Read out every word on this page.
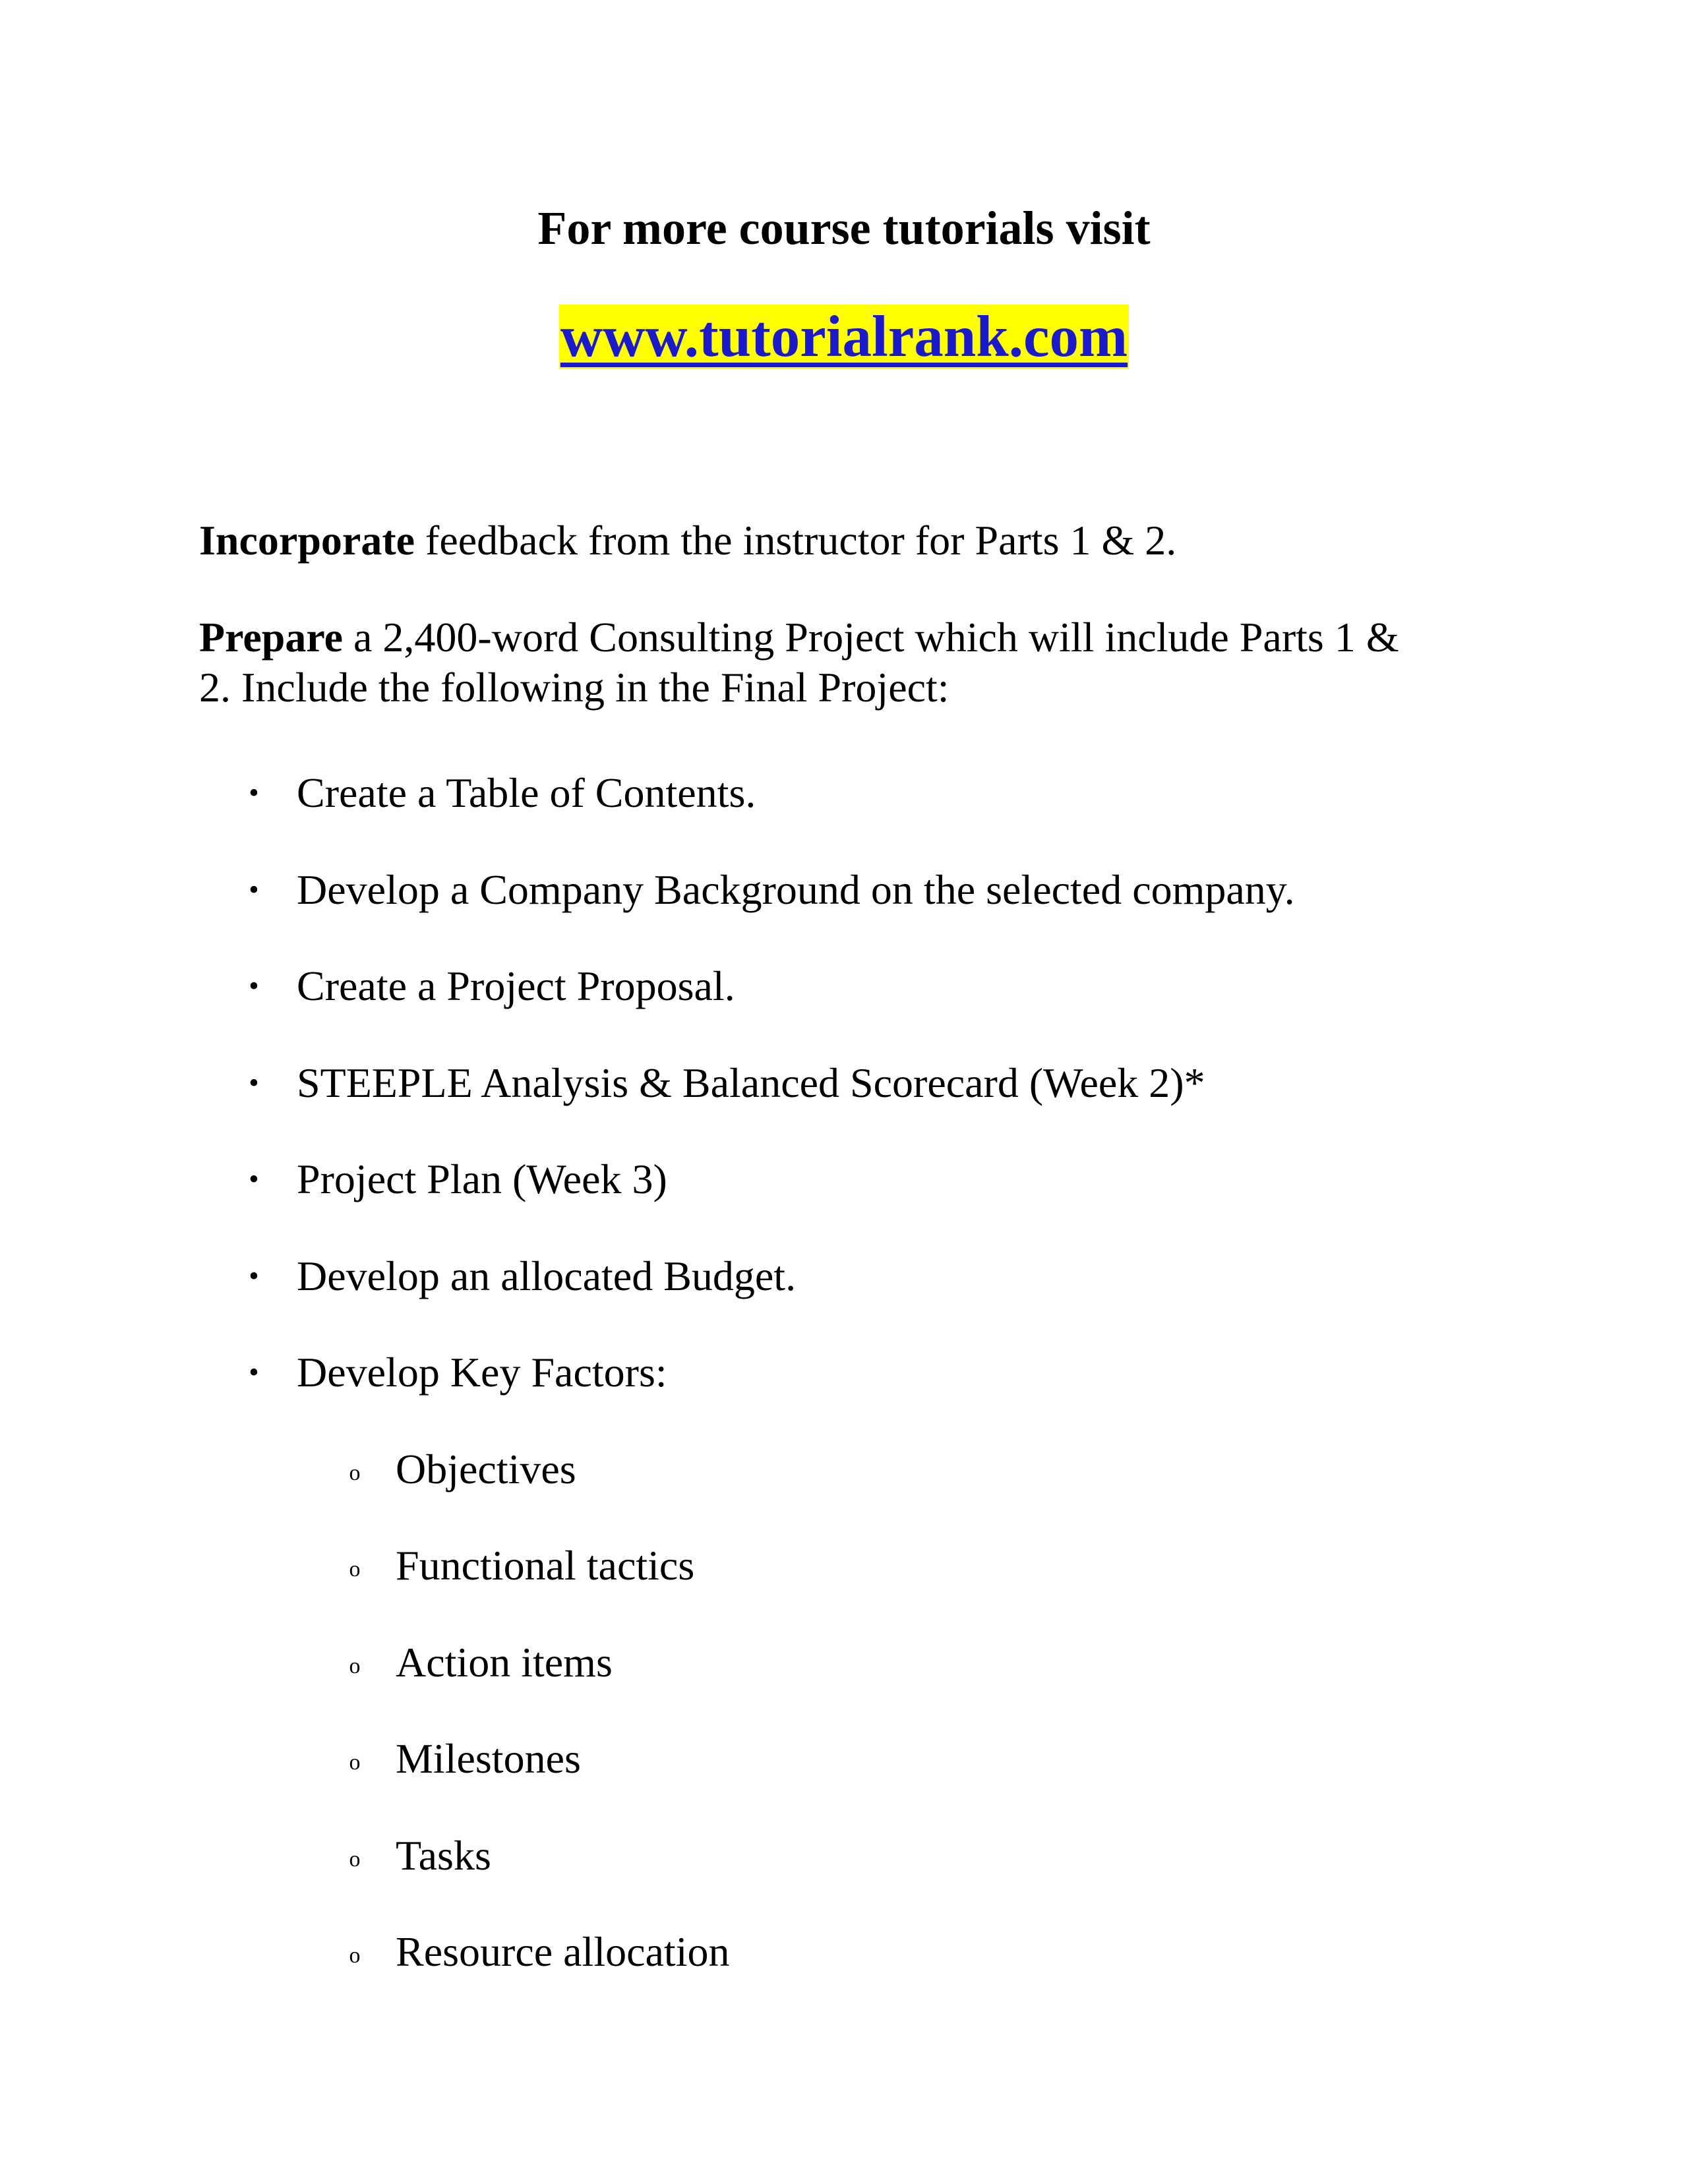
For more course tutorials visit
www.tutorialrank.com
Incorporate feedback from the instructor for Parts 1 & 2.
Prepare a 2,400-word Consulting Project which will include Parts 1 &
2. Include the following in the Final Project:
• Create a Table of Contents.
• Develop a Company Background on the selected company.
• Create a Project Proposal.
• STEEPLE Analysis & Balanced Scorecard (Week 2)*
• Project Plan (Week 3)
• Develop an allocated Budget.
• Develop Key Factors:
o Objectives
o Functional tactics
o Action items
o Milestones
o Tasks
o Resource allocation
